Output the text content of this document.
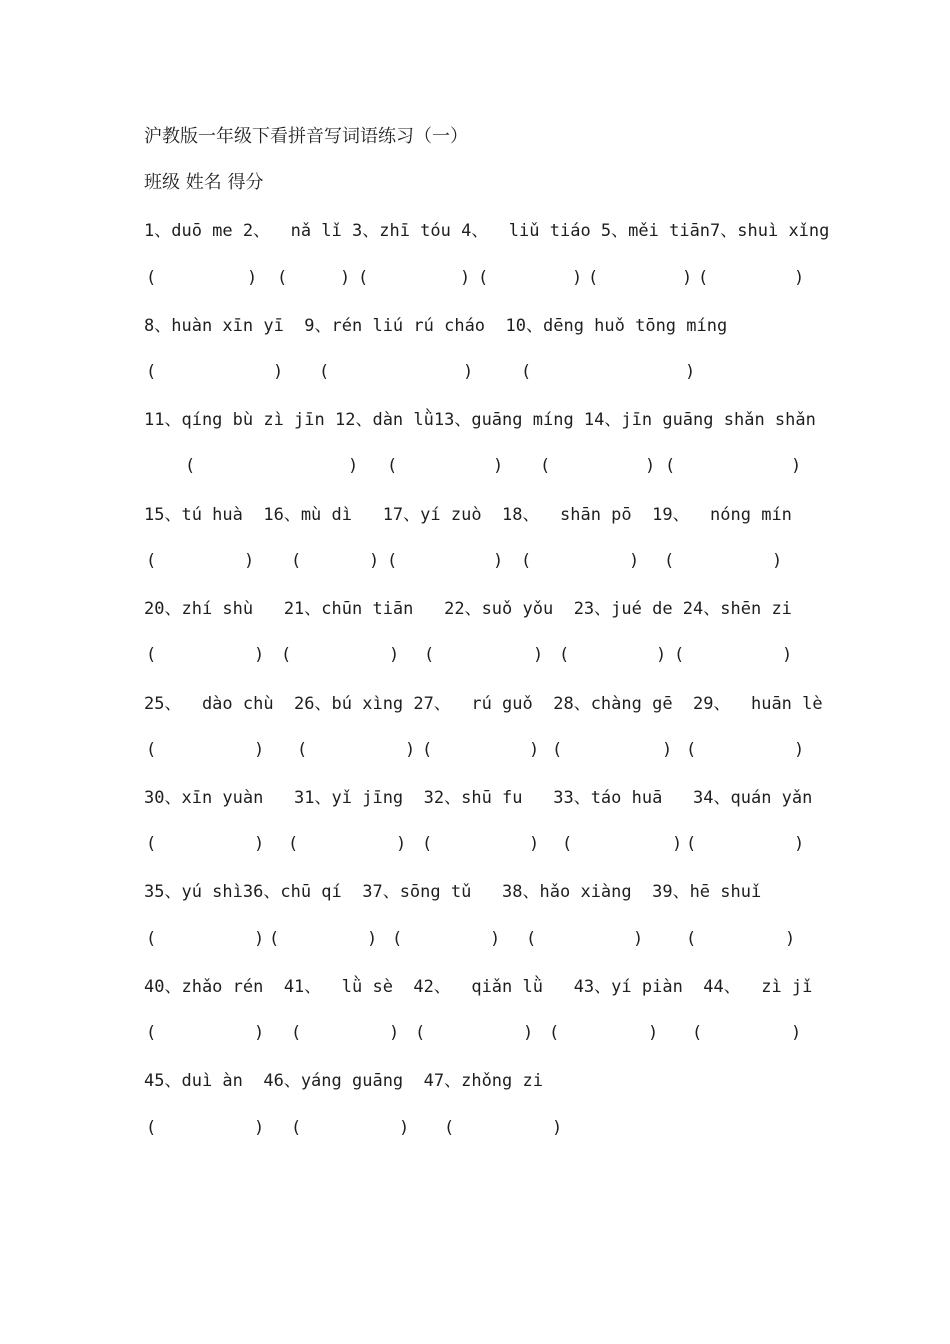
沪教版一年级下看拼音写词语练习（一）
班级 姓名 得分
1、duō me 2、  nǎ lǐ 3、zhī tóu 4、  liǔ tiáo 5、měi tiān7、shuì xǐng
(	) (	) (	) (	) (	) (	)
8、huàn xīn yī  9、rén liú rú cháo  10、dēng huǒ tōng míng
(	) (	)	(	)
11、qíng bù zì jīn 12、dàn lǜ13、guāng míng 14、jīn guāng shǎn shǎn
(	) (	) (	) (	)
15、tú huà  16、mù dì   17、yí zuò  18、  shān pō  19、  nóng mín
(	) (	) (	) (	) (	)
20、zhí shù   21、chūn tiān   22、suǒ yǒu  23、jué de 24、shēn zi
(	) (	) (	) (	) (	)
25、  dào chù  26、bú xìng 27、  rú guǒ  28、chàng gē  29、  huān lè
(	) (	) (	) (	) (	)
30、xīn yuàn   31、yǐ jīng  32、shū fu   33、táo huā   34、quán yǎn
(	) (	) (	) (	) (	)
35、yú shì36、chū qí  37、sōng tǔ   38、hǎo xiàng  39、hē shuǐ
(	) (	) (	) (	)	(	)
40、zhǎo rén  41、  lǜ sè  42、  qiǎn lǜ   43、yí piàn  44、  zì jǐ
(	) (	) (	) (	) (	)
45、duì àn  46、yáng guāng  47、zhǒng zi
(	) (	) (	)
